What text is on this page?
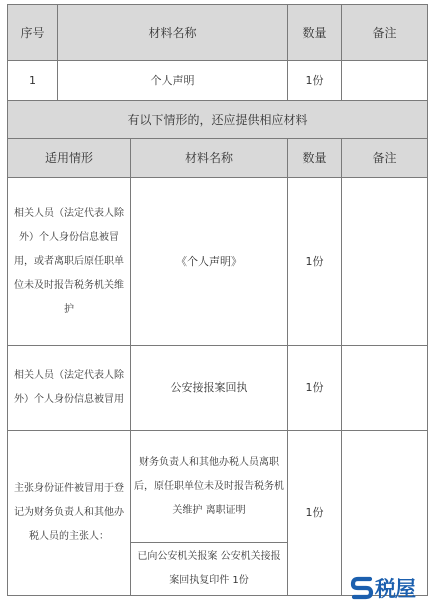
序号	材料名称		数量	备注
1	个人声明		1份	
有以下情形的，还应提供相应材料				
适用情形		材料名称	数量	备注

相关人员（法定代表人除外）个人身份信息被冒用，或者离职后原任职单位未及时报告税务机关维护		《个人声明》	1份	

相关人员（法定代表人除外）个人身份信息被冒用		公安接报案回执	1份	

主张身份证件被冒用于登记为财务负责人和其他办税人员的主张人：		财务负责人和其他办税人员离职后，原任职单位未及时报告税务机关维护 离职证明	1份	

		已向公安机关报案 公安机关接报案回执复印件 1份			税屋
